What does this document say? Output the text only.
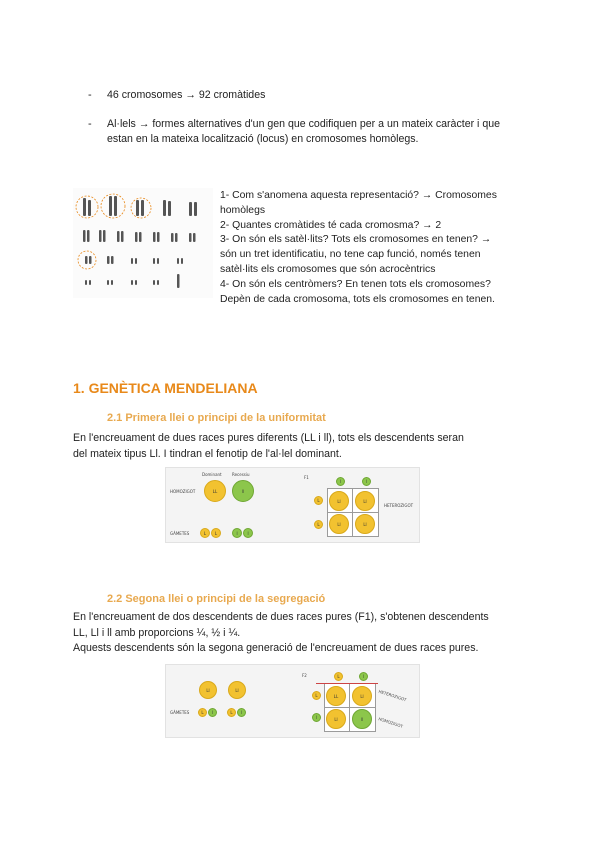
- 46 cromosomes → 92 cromàtides
- Al·lels → formes alternatives d'un gen que codifiquen per a un mateix caràcter i que
estan en la mateixa localització (locus) en cromosomes homòlegs.
1- Com s'anomena aquesta representació? → Cromosomes
homòlegs
2- Quantes cromàtides té cada cromosma? → 2
3- On són els satèl·lits? Tots els cromosomes en tenen? →
són un tret identificatiu, no tene cap funció, només tenen
satèl·lits els cromosomes que són acrocèntrics
4- On són els centròmers? En tenen tots els cromosomes?
Depèn de cada cromosoma, tots els cromosomes en tenen.
1. GENÈTICA MENDELIANA
2.1 Primera llei o principi de la uniformitat
En l'encreuament de dues races pures diferents (LL i ll), tots els descendents seran
del mateix tipus Ll. I tindran el fenotip de l'al·lel dominant.
Dominant	Recessiu
HOMOZIGOT	LL	ll
GÀMETES	L	L	l	l
F1
l	l
L
L
Ll	Ll
Ll	Ll
HETEROZIGOT
2.2 Segona llei o principi de la segregació
En l'encreuament de dos descendents de dues races pures (F1), s'obtenen descendents
LL, Ll i ll amb proporcions ¼, ½ i ¼.
Aquests descendents són la segona generació de l'encreuament de dues races pures.
Ll	Ll
GÀMETES	L	l	L	l
F2	L	l
L
l
LL	Ll
Ll	ll
HETEROZIGOT
HOMOZIGOT
